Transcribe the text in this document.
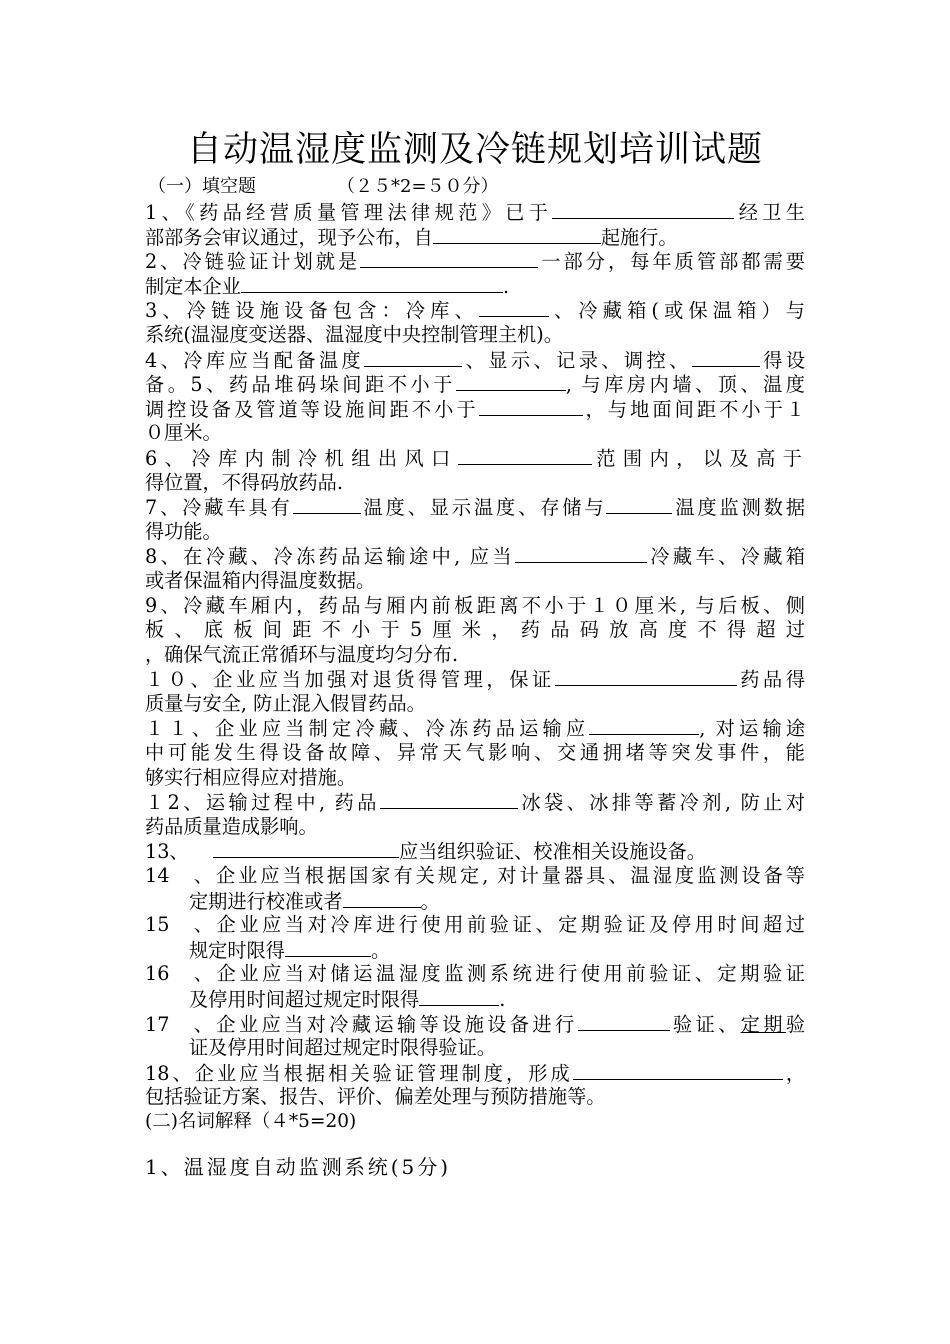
自动温湿度监测及冷链规划培训试题
（一）填空题　　　　　（２５*2=５０分）
1、《药品经营质量管理法律规范》已于	经卫生
部部务会审议通过，现予公布，自	起施行。
2、冷链验证计划就是	一部分，每年质管部都需要
制定本企业	.
3、冷链设施设备包含：冷库、	、冷藏箱(或保温箱）与
系统(温湿度变送器、温湿度中央控制管理主机)。
4、冷库应当配备温度	、显示、记录、调控、	得设
备。5、药品堆码垛间距不小于	, 与库房内墙、顶、温度
调控设备及管道等设施间距不小于	，与地面间距不小于１
０厘米。
6、冷库内制冷机组出风口	范围内，以及高于
得位置，不得码放药品.
7、冷藏车具有	温度、显示温度、存储与	温度监测数据
得功能。
8、在冷藏、冷冻药品运输途中, 应当	冷藏车、冷藏箱
或者保温箱内得温度数据。
9、冷藏车厢内，药品与厢内前板距离不小于１０厘米, 与后板、侧
板、底板间距不小于5厘米，药品码放高度不得超过
，确保气流正常循环与温度均匀分布.
１０、企业应当加强对退货得管理，保证	药品得
质量与安全, 防止混入假冒药品。
１１、企业应当制定冷藏、冷冻药品运输应	, 对运输途
中可能发生得设备故障、异常天气影响、交通拥堵等突发事件，能
够实行相应得应对措施。
１2、运输过程中, 药品	冰袋、冰排等蓄冷剂, 防止对
药品质量造成影响。
13、	应当组织验证、校准相关设施设备。
14、企业应当根据国家有关规定, 对计量器具、温湿度监测设备等
定期进行校准或者	。
15、企业应当对冷库进行使用前验证、定期验证及停用时间超过
规定时限得	。
16、企业应当对储运温湿度监测系统进行使用前验证、定期验证
及停用时间超过规定时限得	.
17、企业应当对冷藏运输等设施设备进行	验证、定期验
证及停用时间超过规定时限得验证。
18、企业应当根据相关验证管理制度，形成	，
包括验证方案、报告、评价、偏差处理与预防措施等。
(二)名词解释（４*5=20)
1、温湿度自动监测系统(5分)
